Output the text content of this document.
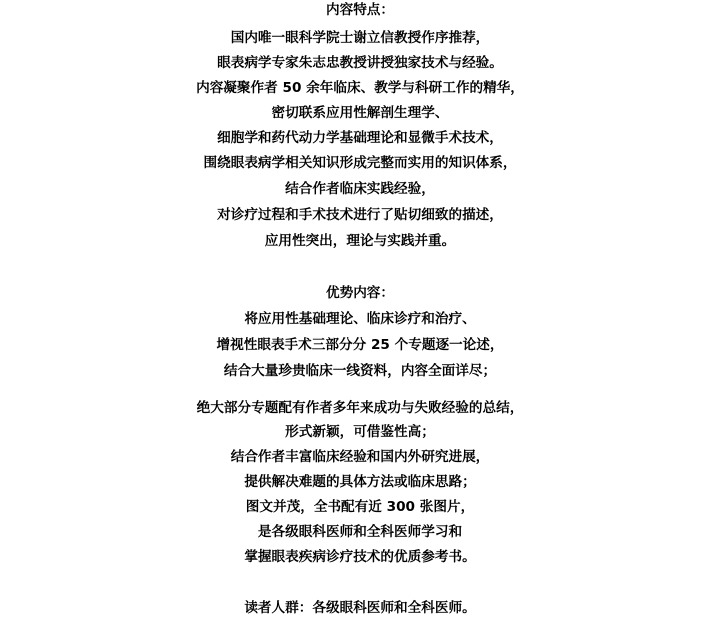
内容特点：
国内唯一眼科学院士谢立信教授作序推荐，
眼表病学专家朱志忠教授讲授独家技术与经验。
内容凝聚作者 50 余年临床、教学与科研工作的精华，
密切联系应用性解剖生理学、
细胞学和药代动力学基础理论和显微手术技术，
围绕眼表病学相关知识形成完整而实用的知识体系，
结合作者临床实践经验，
对诊疗过程和手术技术进行了贴切细致的描述，
应用性突出，理论与实践并重。
优势内容：
将应用性基础理论、临床诊疗和治疗、
增视性眼表手术三部分分 25 个专题逐一论述，
结合大量珍贵临床一线资料，内容全面详尽；
绝大部分专题配有作者多年来成功与失败经验的总结，
形式新颖，可借鉴性高；
结合作者丰富临床经验和国内外研究进展，
提供解决难题的具体方法或临床思路；
图文并茂，全书配有近 300 张图片，
是各级眼科医师和全科医师学习和
掌握眼表疾病诊疗技术的优质参考书。
读者人群：各级眼科医师和全科医师。
